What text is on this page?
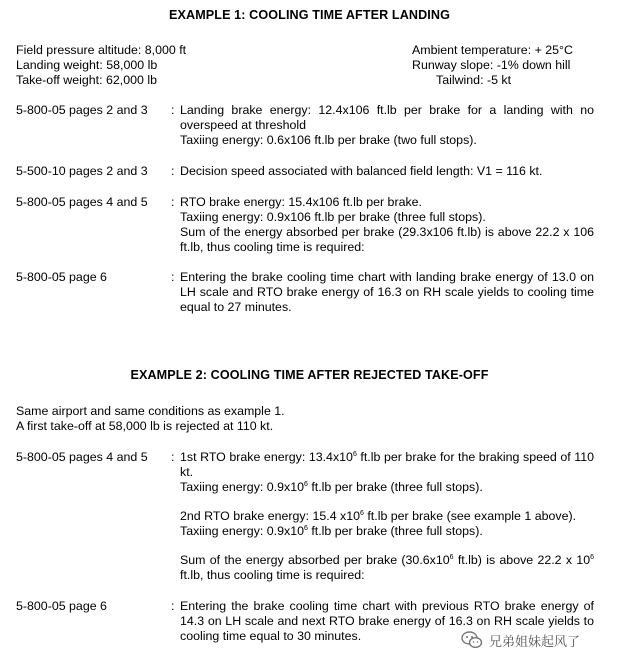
EXAMPLE 1: COOLING TIME AFTER LANDING
Field pressure altitude: 8,000 ft
Landing weight: 58,000 lb
Take-off weight: 62,000 lb
Ambient temperature: + 25°C
Runway slope: -1% down hill
Tailwind: -5 kt
5-800-05 pages 2 and 3 : Landing brake energy: 12.4x106 ft.lb per brake for a landing with no overspeed at threshold

Taxiing energy: 0.6x106 ft.lb per brake (two full stops).

5-500-10 pages 2 and 3 : Decision speed associated with balanced field length: V1 = 116 kt.

5-800-05 pages 4 and 5 : RTO brake energy: 15.4x106 ft.lb per brake.

Taxiing energy: 0.9x106 ft.lb per brake (three full stops).

Sum of the energy absorbed per brake (29.3x106 ft.lb) is above 22.2 x 106 ft.lb, thus cooling time is required:

5-800-05 page 6	: Entering the brake cooling time chart with landing brake energy of 13.0 on LH scale and RTO brake energy of 16.3 on RH scale yields to cooling time equal to 27 minutes.

EXAMPLE 2: COOLING TIME AFTER REJECTED TAKE-OFF
Same airport and same conditions as example 1.
A first take-off at 58,000 lb is rejected at 110 kt.
5-800-05 pages 4 and 5 : 1st RTO brake energy: $13.4x10^6$ ft.lb per brake for the braking speed of 110 kt.

Taxiing energy: $0.9x10^6$ ft.lb per brake (three full stops).

2nd RTO brake energy: 15.4 $x10^6$ ft.lb per brake (see example 1 above).

Taxiing energy: $0.9x10^6$ ft.lb per brake (three full stops).

Sum of the energy absorbed per brake ($30.6x10^6$ ft.lb) is above 22.2 x $10^6$ ft.lb, thus cooling time is required:

5-800-05 page 6	: Entering the brake cooling time chart with previous RTO brake energy of 14.3 on LH scale and next RTO brake energy of 16.3 on RH scale yields to cooling time equal to 30 minutes.	兄弟姐妹起风了
